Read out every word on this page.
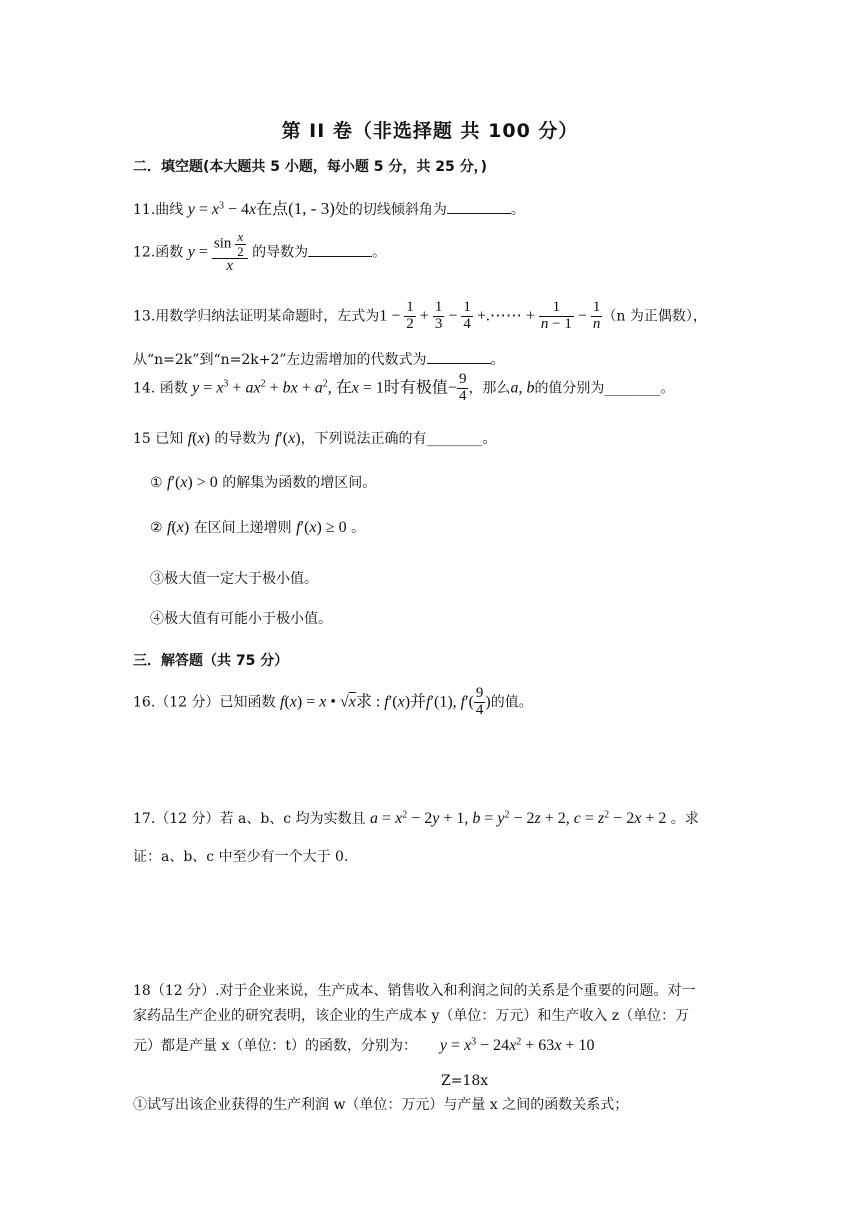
第 II 卷（非选择题 共 100 分）
二．填空题(本大题共 5 小题，每小题 5 分，共 25 分，)
11.曲线 $y = x^3 - 4x$在点(1, - 3)处的切线倾斜角为	。
12.函数 $y = \frac{\sin \frac{x}{2}}{x}$ 的导数为	。
13.用数学归纳法证明某命题时，左式为$1 - \frac{1}{2} + \frac{1}{3} - \frac{1}{4}$ +.⋯⋯ + $\frac{1}{n - 1} - \frac{1}{n} (n$ 为正偶数），
从“n=2k”到“n=2k+2”左边需增加的代数式为	。
14. 函数 $y = x^3 + ax^2$ + bx + $a^2$, 在x = 1时有极值− $\frac{9}{4}$ ，那么a, b的值分别为________。
15 已知 f(x) 的导数为 f′(x)，下列说法正确的有________。
① f′(x) > 0 的解集为函数的增区间。
② f(x) 在区间上递增则 f′(x) ≥ 0 。
③极大值一定大于极小值。
④极大值有可能小于极小值。
三．解答题（共 75 分）
16.（12 分）已知函数 f(x) = x • √x求 : f′(x)并f′(1), $f'( \frac{9}{4}$ )的值。
17.（12 分）若 a、b、c 均为实数且 $a = x^2 - 2y + 1$, $b = y^2 - 2z + 2$, $c = z^2 - 2x + 2$ 。求
证：a、b、c 中至少有一个大于 0.
18（12 分）.对于企业来说，生产成本、销售收入和利润之间的关系是个重要的问题。对一
家药品生产企业的研究表明，该企业的生产成本 y（单位：万元）和生产收入 z（单位：万
元）都是产量 x（单位：t）的函数，分别为： $y = x^3 - 24x^2 + 63x + 10$
Z=18x
①试写出该企业获得的生产利润 w（单位：万元）与产量 x 之间的函数关系式；
